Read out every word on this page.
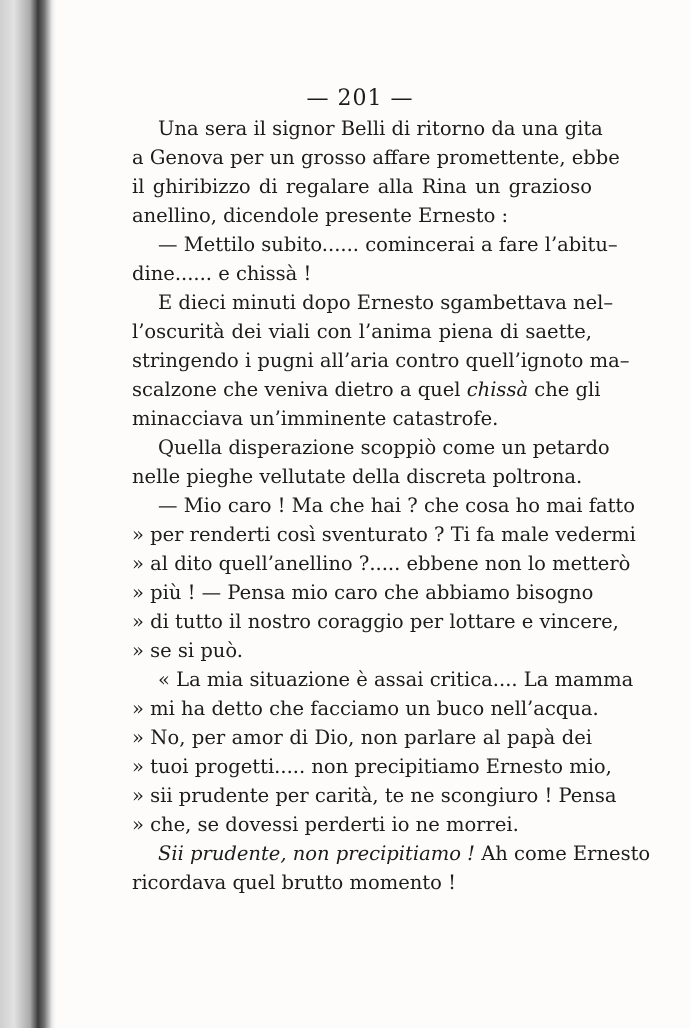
— 201 —
Una sera il signor Belli di ritorno da una gita
a Genova per un grosso affare promettente, ebbe
il ghiribizzo di regalare alla Rina un grazioso
anellino, dicendole presente Ernesto :
— Mettilo subito...... comincerai a fare l’abitu–
dine...... e chissà !
E dieci minuti dopo Ernesto sgambettava nel–
l’oscurità dei viali con l’anima piena di saette,
stringendo i pugni all’aria contro quell’ignoto ma–
scalzone che veniva dietro a quel chissà che gli
minacciava un’imminente catastrofe.
Quella disperazione scoppiò come un petardo
nelle pieghe vellutate della discreta poltrona.
— Mio caro ! Ma che hai ? che cosa ho mai fatto
» per renderti così sventurato ? Ti fa male vedermi
» al dito quell’anellino ?..... ebbene non lo metterò
» più ! — Pensa mio caro che abbiamo bisogno
» di tutto il nostro coraggio per lottare e vincere,
» se si può.
« La mia situazione è assai critica.... La mamma
» mi ha detto che facciamo un buco nell’acqua.
» No, per amor di Dio, non parlare al papà dei
» tuoi progetti..... non precipitiamo Ernesto mio,
» sii prudente per carità, te ne scongiuro ! Pensa
» che, se dovessi perderti io ne morrei.
Sii prudente, non precipitiamo ! Ah come Ernesto
ricordava quel brutto momento !
